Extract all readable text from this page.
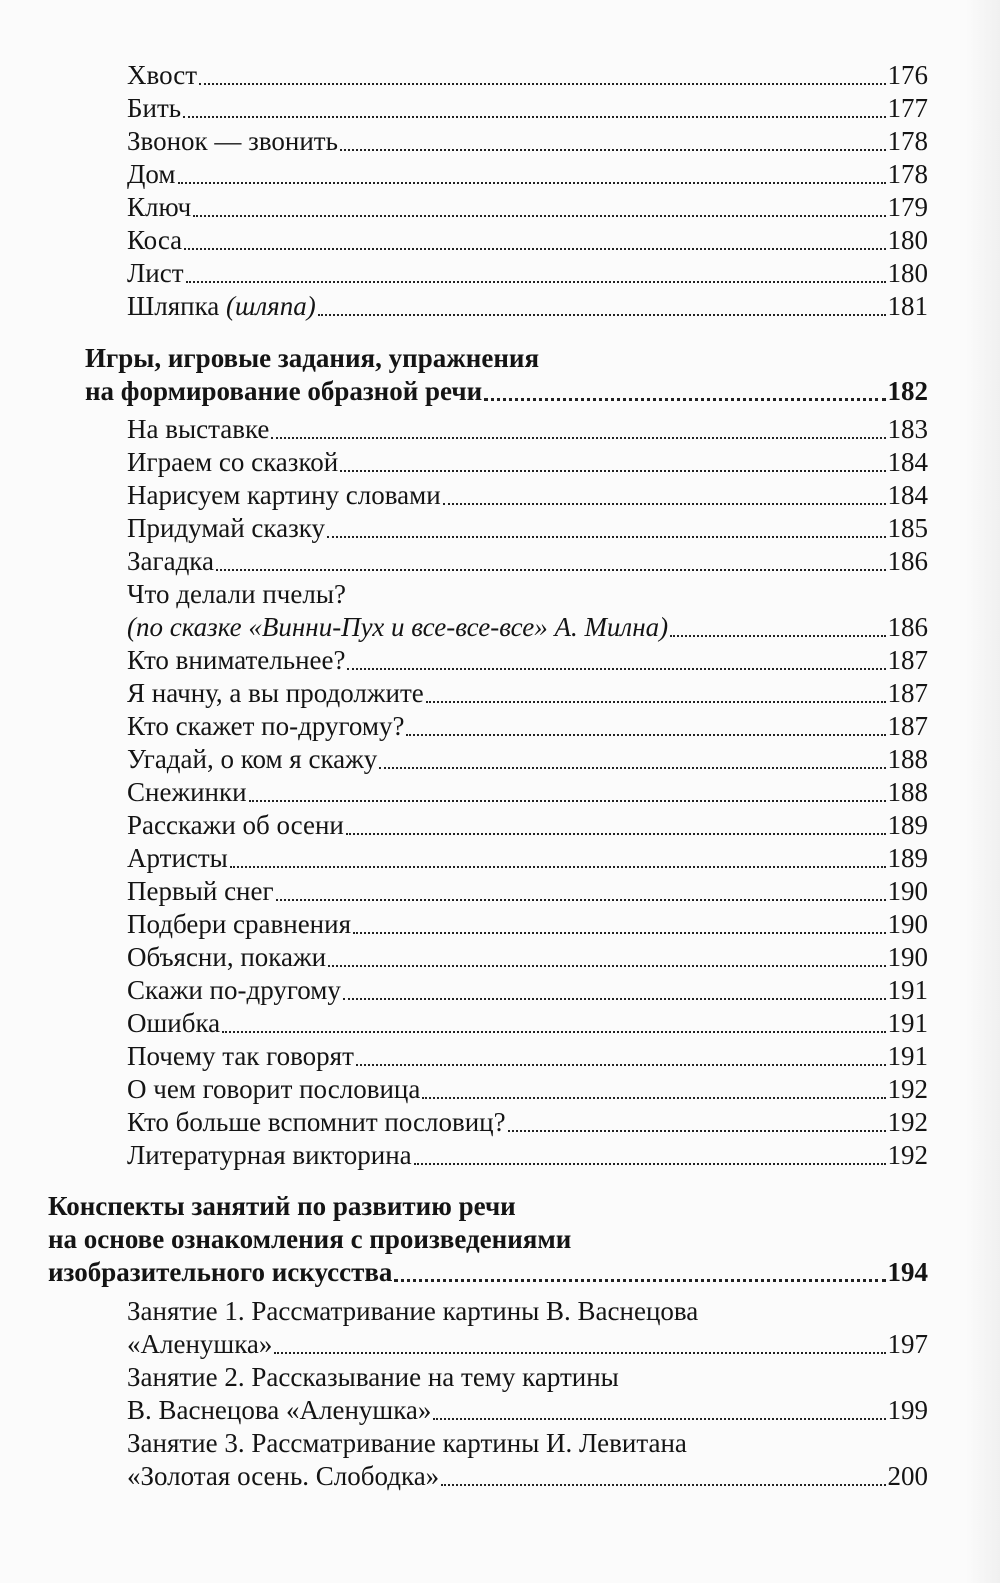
Хвост	176
Бить	177
Звонок — звонить	178
Дом	178
Ключ	179
Коса	180
Лист	180
Шляпка (шляпа)	181
Игры, игровые задания, упражнения
на формирование образной речи	182
На выставке	183
Играем со сказкой	184
Нарисуем картину словами	184
Придумай сказку	185
Загадка	186
Что делали пчелы?
(по сказке «Винни-Пух и все-все-все» А. Милна)	186
Кто внимательнее?	187
Я начну, а вы продолжите	187
Кто скажет по-другому?	187
Угадай, о ком я скажу	188
Снежинки	188
Расскажи об осени	189
Артисты	189
Первый снег	190
Подбери сравнения	190
Объясни, покажи	190
Скажи по-другому	191
Ошибка	191
Почему так говорят	191
О чем говорит пословица	192
Кто больше вспомнит пословиц?	192
Литературная викторина	192
Конспекты занятий по развитию речи
на основе ознакомления с произведениями
изобразительного искусства	194
Занятие 1. Рассматривание картины В. Васнецова
«Аленушка»	197
Занятие 2. Рассказывание на тему картины
В. Васнецова «Аленушка»	199
Занятие 3. Рассматривание картины И. Левитана
«Золотая осень. Слободка»	200
